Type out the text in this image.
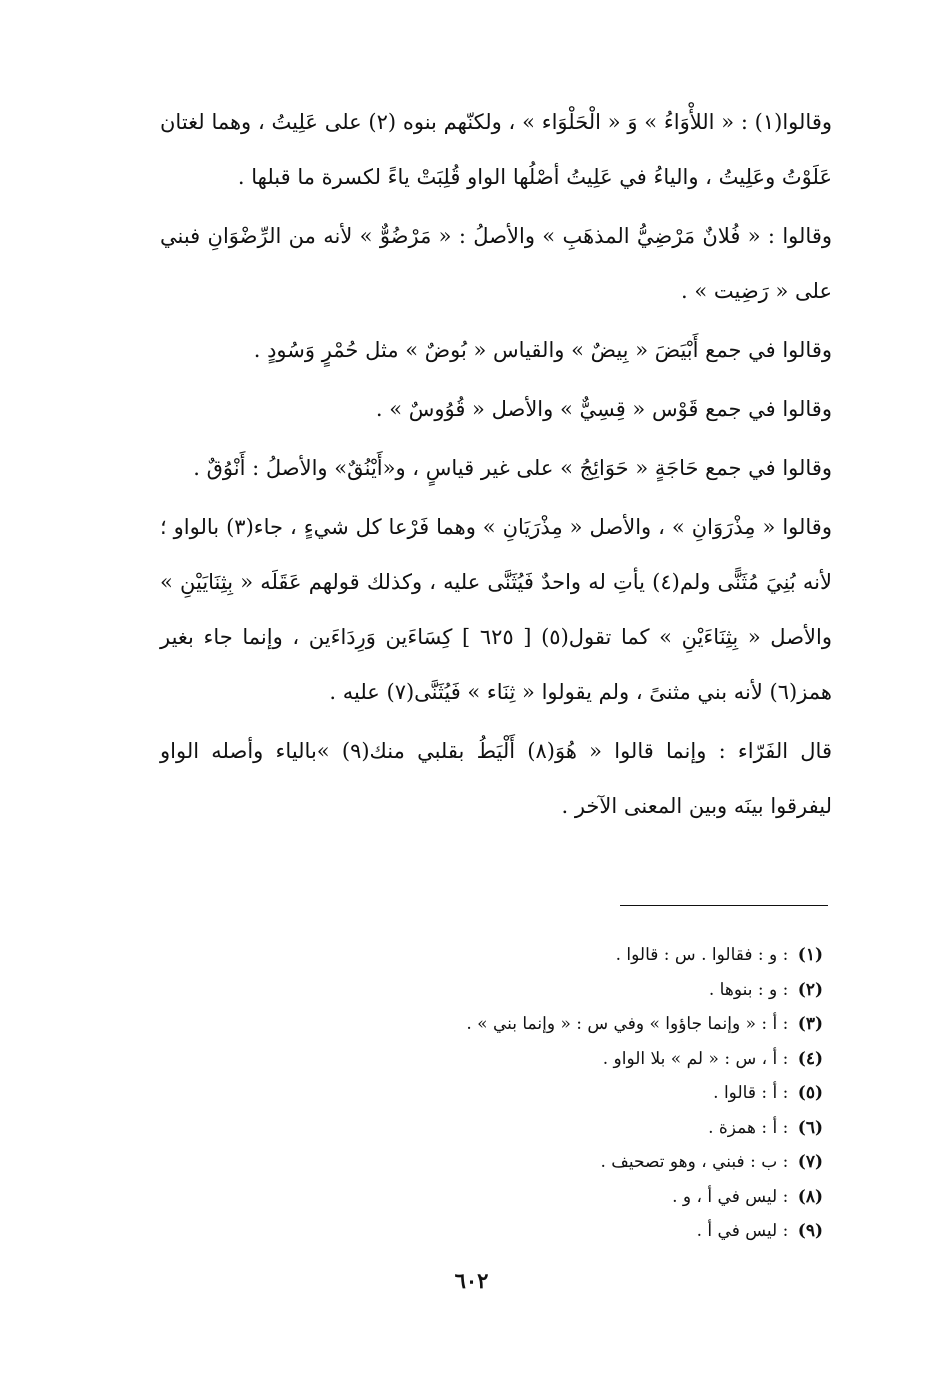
وقالوا(١) : « اللأْوَاءُ » وَ « الْحَلْوَاء » ، ولكنّهم بنوه (٢) على عَلِيتُ ، وهما لغتان عَلَوْتُ وعَلِيتُ ، والياءُ في عَلِيتُ أصْلُها الواو قُلِبَتْ ياءً لكسرة ما قبلها .

وقالوا : « فُلانٌ مَرْضِيُّ المذهَبِ » والأصلُ : « مَرْضُوٌّ » لأنه من الرِّضْوَانِ فبني على « رَضِيت » .

وقالوا في جمع أَبْيَضَ « بِيضٌ » والقياس « بُوضٌ » مثل حُمْرٍ وَسُودٍ .

وقالوا في جمع قَوْس « قِسِيٌّ » والأصل « قُوُوسٌ » .

وقالوا في جمع حَاجَةٍ « حَوَائِجُ » على غير قياسٍ ، و«أَيْنُقٌ» والأصلُ : أَنْوُقٌ .

وقالوا « مِذْرَوَانِ » ، والأصل « مِذْرَيَانِ » وهما فَرْعا كل شيءٍ ، جاء(٣) بالواو ؛ لأنه بُنِيَ مُثَنًّى ولم(٤) يأتِ له واحدٌ فَيُثَنَّى عليه ، وكذلك قولهم عَقَلَه « بِثِنَايَيْنِ » والأصل « بِثِنَاءَيْنِ » كما تقول(٥) [ ٦٢٥ ] كِسَاءَين وَرِدَاءَين ، وإنما جاء بغير همز(٦) لأنه بني مثنىً ، ولم يقولوا « ثِنَاء » فَيُثَنَّى(٧) عليه .

قال الفَرّاء : وإنما قالوا « هُوَ(٨) أَلْيَطُ بقلبي منك(٩) »بالياء وأصله الواو ليفرقوا بينَه وبين المعنى الآخر .

(١) : و : فقالوا . س : قالوا .
(٢) : و : بنوها .
(٣) : أ : « وإنما جاؤوا » وفي س : « وإنما بني » .
(٤) : أ ، س : « لم » بلا الواو .
(٥) : أ : قالوا .
(٦) : أ : همزة .
(٧) : ب : فبني ، وهو تصحيف .
(٨) : ليس في أ ، و .
(٩) : ليس في أ .
٦٠٢
